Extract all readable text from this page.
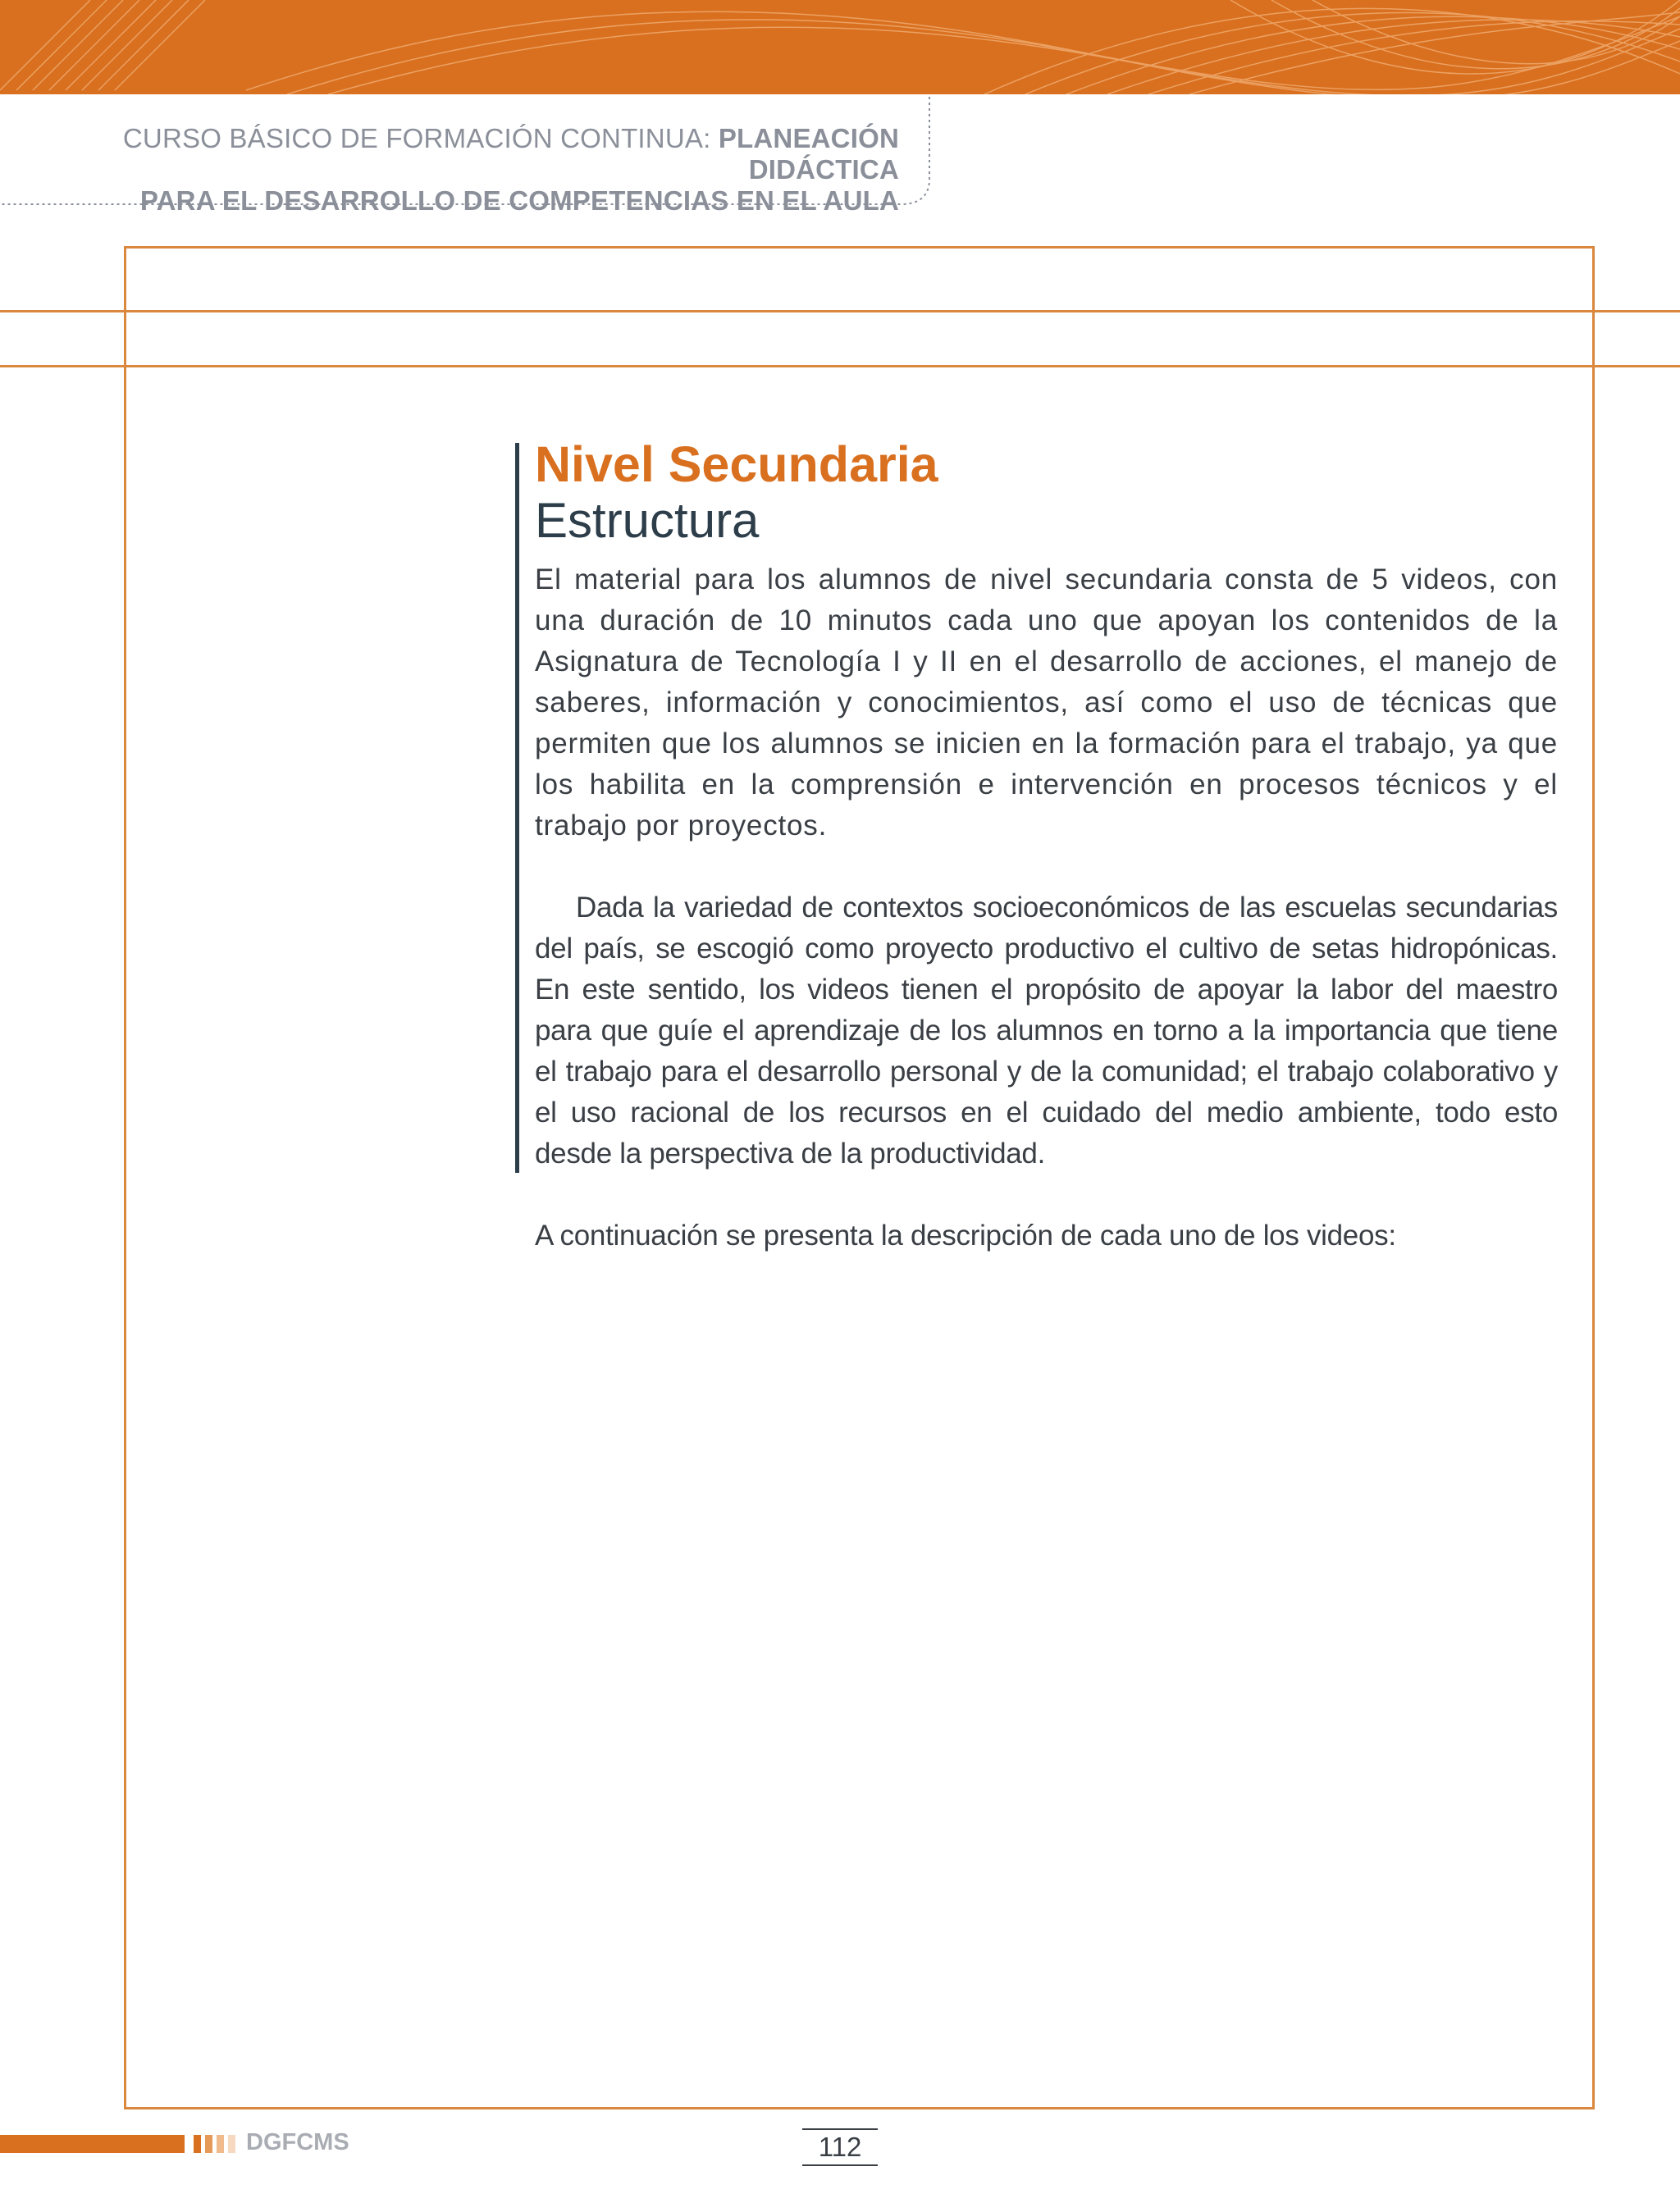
CURSO BÁSICO DE FORMACIÓN CONTINUA: PLANEACIÓN DIDÁCTICA
PARA EL DESARROLLO DE COMPETENCIAS EN EL AULA
Nivel Secundaria
Estructura

El material para los alumnos de nivel secundaria consta de 5 videos, con una duración de 10 minutos cada uno que apoyan los contenidos de la Asignatura de Tecnología I y II en el desarrollo de acciones, el manejo de saberes, información y conocimientos, así como el uso de técnicas que permiten que los alumnos se inicien en la formación para el trabajo, ya que los habilita en la comprensión e intervención en procesos técnicos y el trabajo por proyectos.

Dada la variedad de contextos socioeconómicos de las escuelas secundarias del país, se escogió como proyecto productivo el cultivo de setas hidropónicas. En este sentido, los videos tienen el propósito de apoyar la labor del maestro para que guíe el aprendizaje de los alumnos en torno a la importancia que tiene el trabajo para el desarrollo personal y de la comunidad; el trabajo colaborativo y el uso racional de los recursos en el cuidado del medio ambiente, todo esto desde la perspectiva de la productividad.

A continuación se presenta la descripción de cada uno de los videos:

DGFCMS	112
